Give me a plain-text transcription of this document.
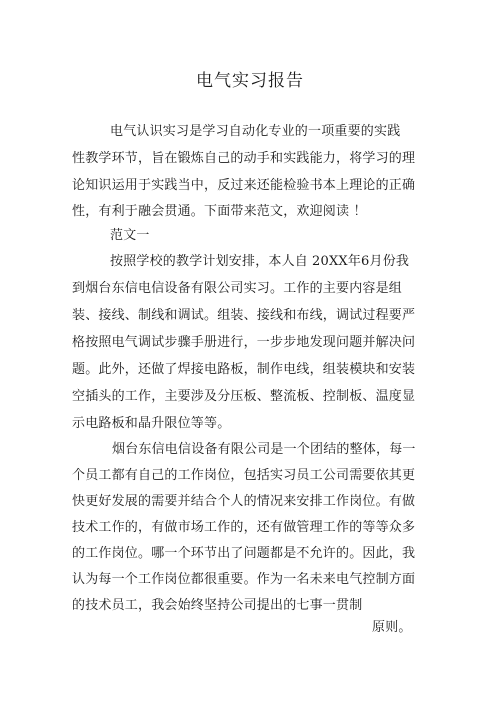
电气实习报告
电气认识实习是学习自动化专业的一项重要的实践
性教学环节，旨在锻炼自己的动手和实践能力，将学习的理
论知识运用于实践当中，反过来还能检验书本上理论的正确
性，有利于融会贯通。下面带来范文，欢迎阅读 ！
范文一
按照学校的教学计划安排，本人自 20XX年6月份我
到烟台东信电信设备有限公司实习。工作的主要内容是组
装、接线、制线和调试。组装、接线和布线，调试过程要严
格按照电气调试步骤手册进行，一步步地发现问题并解决问
题。此外，还做了焊接电路板，制作电线，组装模块和安装
空插头的工作，主要涉及分压板、整流板、控制板、温度显
示电路板和晶升限位等等。
烟台东信电信设备有限公司是一个团结的整体，每一
个员工都有自己的工作岗位，包括实习员工公司需要依其更
快更好发展的需要并结合个人的情况来安排工作岗位。有做
技术工作的，有做市场工作的，还有做管理工作的等等众多
的工作岗位。哪一个环节出了问题都是不允许的。因此，我
认为每一个工作岗位都很重要。作为一名未来电气控制方面
的技术员工，我会始终坚持公司提出的七事一贯制
原则。
